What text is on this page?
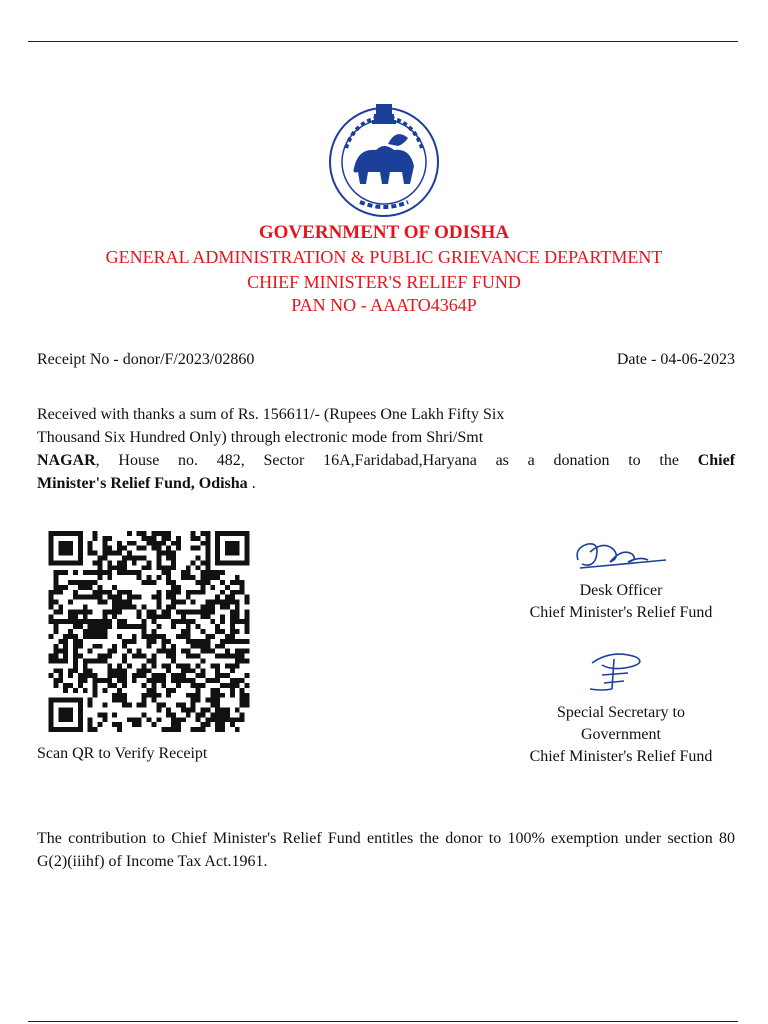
GOVERNMENT OF ODISHA
GENERAL ADMINISTRATION & PUBLIC GRIEVANCE DEPARTMENT
CHIEF MINISTER'S RELIEF FUND
PAN NO - AAATO4364P
Receipt No - donor/F/2023/02860	Date - 04-06-2023
Received with thanks a sum of Rs. 156611/- (Rupees One Lakh Fifty Six
Thousand Six Hundred Only) through electronic mode from Shri/Smt
NAGAR, House no. 482, Sector 16A,Faridabad,Haryana as a donation to the Chief
Minister's Relief Fund, Odisha .
Scan QR to Verify Receipt
Desk Officer
Chief Minister's Relief Fund
Special Secretary to
Government
Chief Minister's Relief Fund
The contribution to Chief Minister's Relief Fund entitles the donor to 100% exemption under section 80 G(2)(iiihf) of Income Tax Act.1961.
